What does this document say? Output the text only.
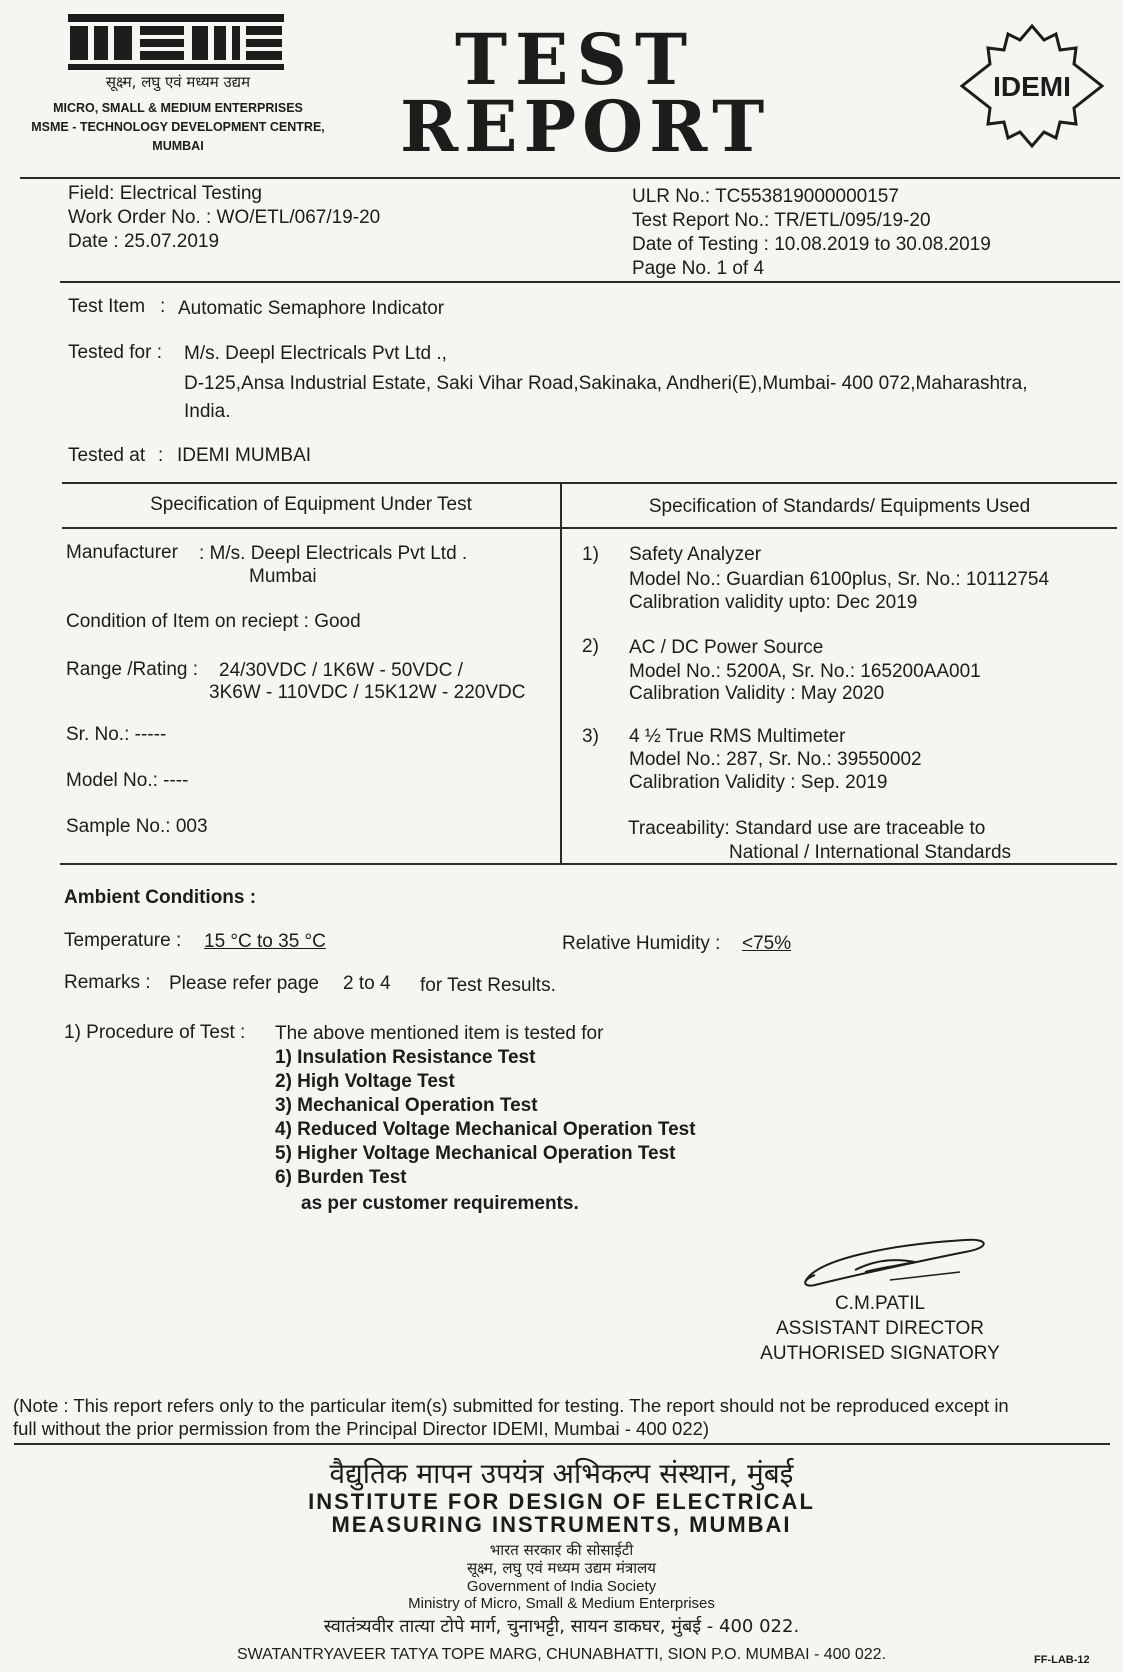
सूक्ष्म, लघु एवं मध्यम उद्यम
MICRO, SMALL & MEDIUM ENTERPRISES
MSME - TECHNOLOGY DEVELOPMENT CENTRE,
MUMBAI
TEST
REPORT	IDEMI
Field: Electrical Testing
Work Order No. : WO/ETL/067/19-20
Date : 25.07.2019
ULR No.: TC553819000000157
Test Report No.: TR/ETL/095/19-20
Date of Testing : 10.08.2019 to 30.08.2019
Page No. 1 of 4
Test Item : Automatic Semaphore Indicator
Tested for : M/s. Deepl Electricals Pvt Ltd .,
D-125,Ansa Industrial Estate, Saki Vihar Road,Sakinaka, Andheri(E),Mumbai- 400 072,Maharashtra,
India.
Tested at : IDEMI MUMBAI
Specification of Equipment Under Test	Specification of Standards/ Equipments Used
Manufacturer : M/s. Deepl Electricals Pvt Ltd .
Mumbai
Condition of Item on reciept : Good
Range /Rating : 24/30VDC / 1K6W - 50VDC /
3K6W - 110VDC / 15K12W - 220VDC
Sr. No.: -----
Model No.: ----
Sample No.: 003
1) Safety Analyzer
Model No.: Guardian 6100plus, Sr. No.: 10112754
Calibration validity upto: Dec 2019
2) AC / DC Power Source
Model No.: 5200A, Sr. No.: 165200AA001
Calibration Validity : May 2020
3) 4 ½ True RMS Multimeter
Model No.: 287, Sr. No.: 39550002
Calibration Validity : Sep. 2019
Traceability: Standard use are traceable to
National / International Standards
Ambient Conditions :
Temperature : 15 °C to 35 °C	Relative Humidity : <75%
Remarks : Please refer page 2 to 4 for Test Results.
1) Procedure of Test : The above mentioned item is tested for
1) Insulation Resistance Test
2) High Voltage Test
3) Mechanical Operation Test
4) Reduced Voltage Mechanical Operation Test
5) Higher Voltage Mechanical Operation Test
6) Burden Test
as per customer requirements.
C.M.PATIL
ASSISTANT DIRECTOR
AUTHORISED SIGNATORY
(Note : This report refers only to the particular item(s) submitted for testing. The report should not be reproduced except in
full without the prior permission from the Principal Director IDEMI, Mumbai - 400 022)
वैद्युतिक मापन उपयंत्र अभिकल्प संस्थान, मुंबई
INSTITUTE FOR DESIGN OF ELECTRICAL
MEASURING INSTRUMENTS, MUMBAI
भारत सरकार की सोसाईटी
सूक्ष्म, लघु एवं मध्यम उद्यम मंत्रालय
Government of India Society
Ministry of Micro, Small & Medium Enterprises
स्वातंत्र्यवीर तात्या टोपे मार्ग, चुनाभट्टी, सायन डाकघर, मुंबई - 400 022.
SWATANTRYAVEER TATYA TOPE MARG, CHUNABHATTI, SION P.O. MUMBAI - 400 022.	FF-LAB-12
